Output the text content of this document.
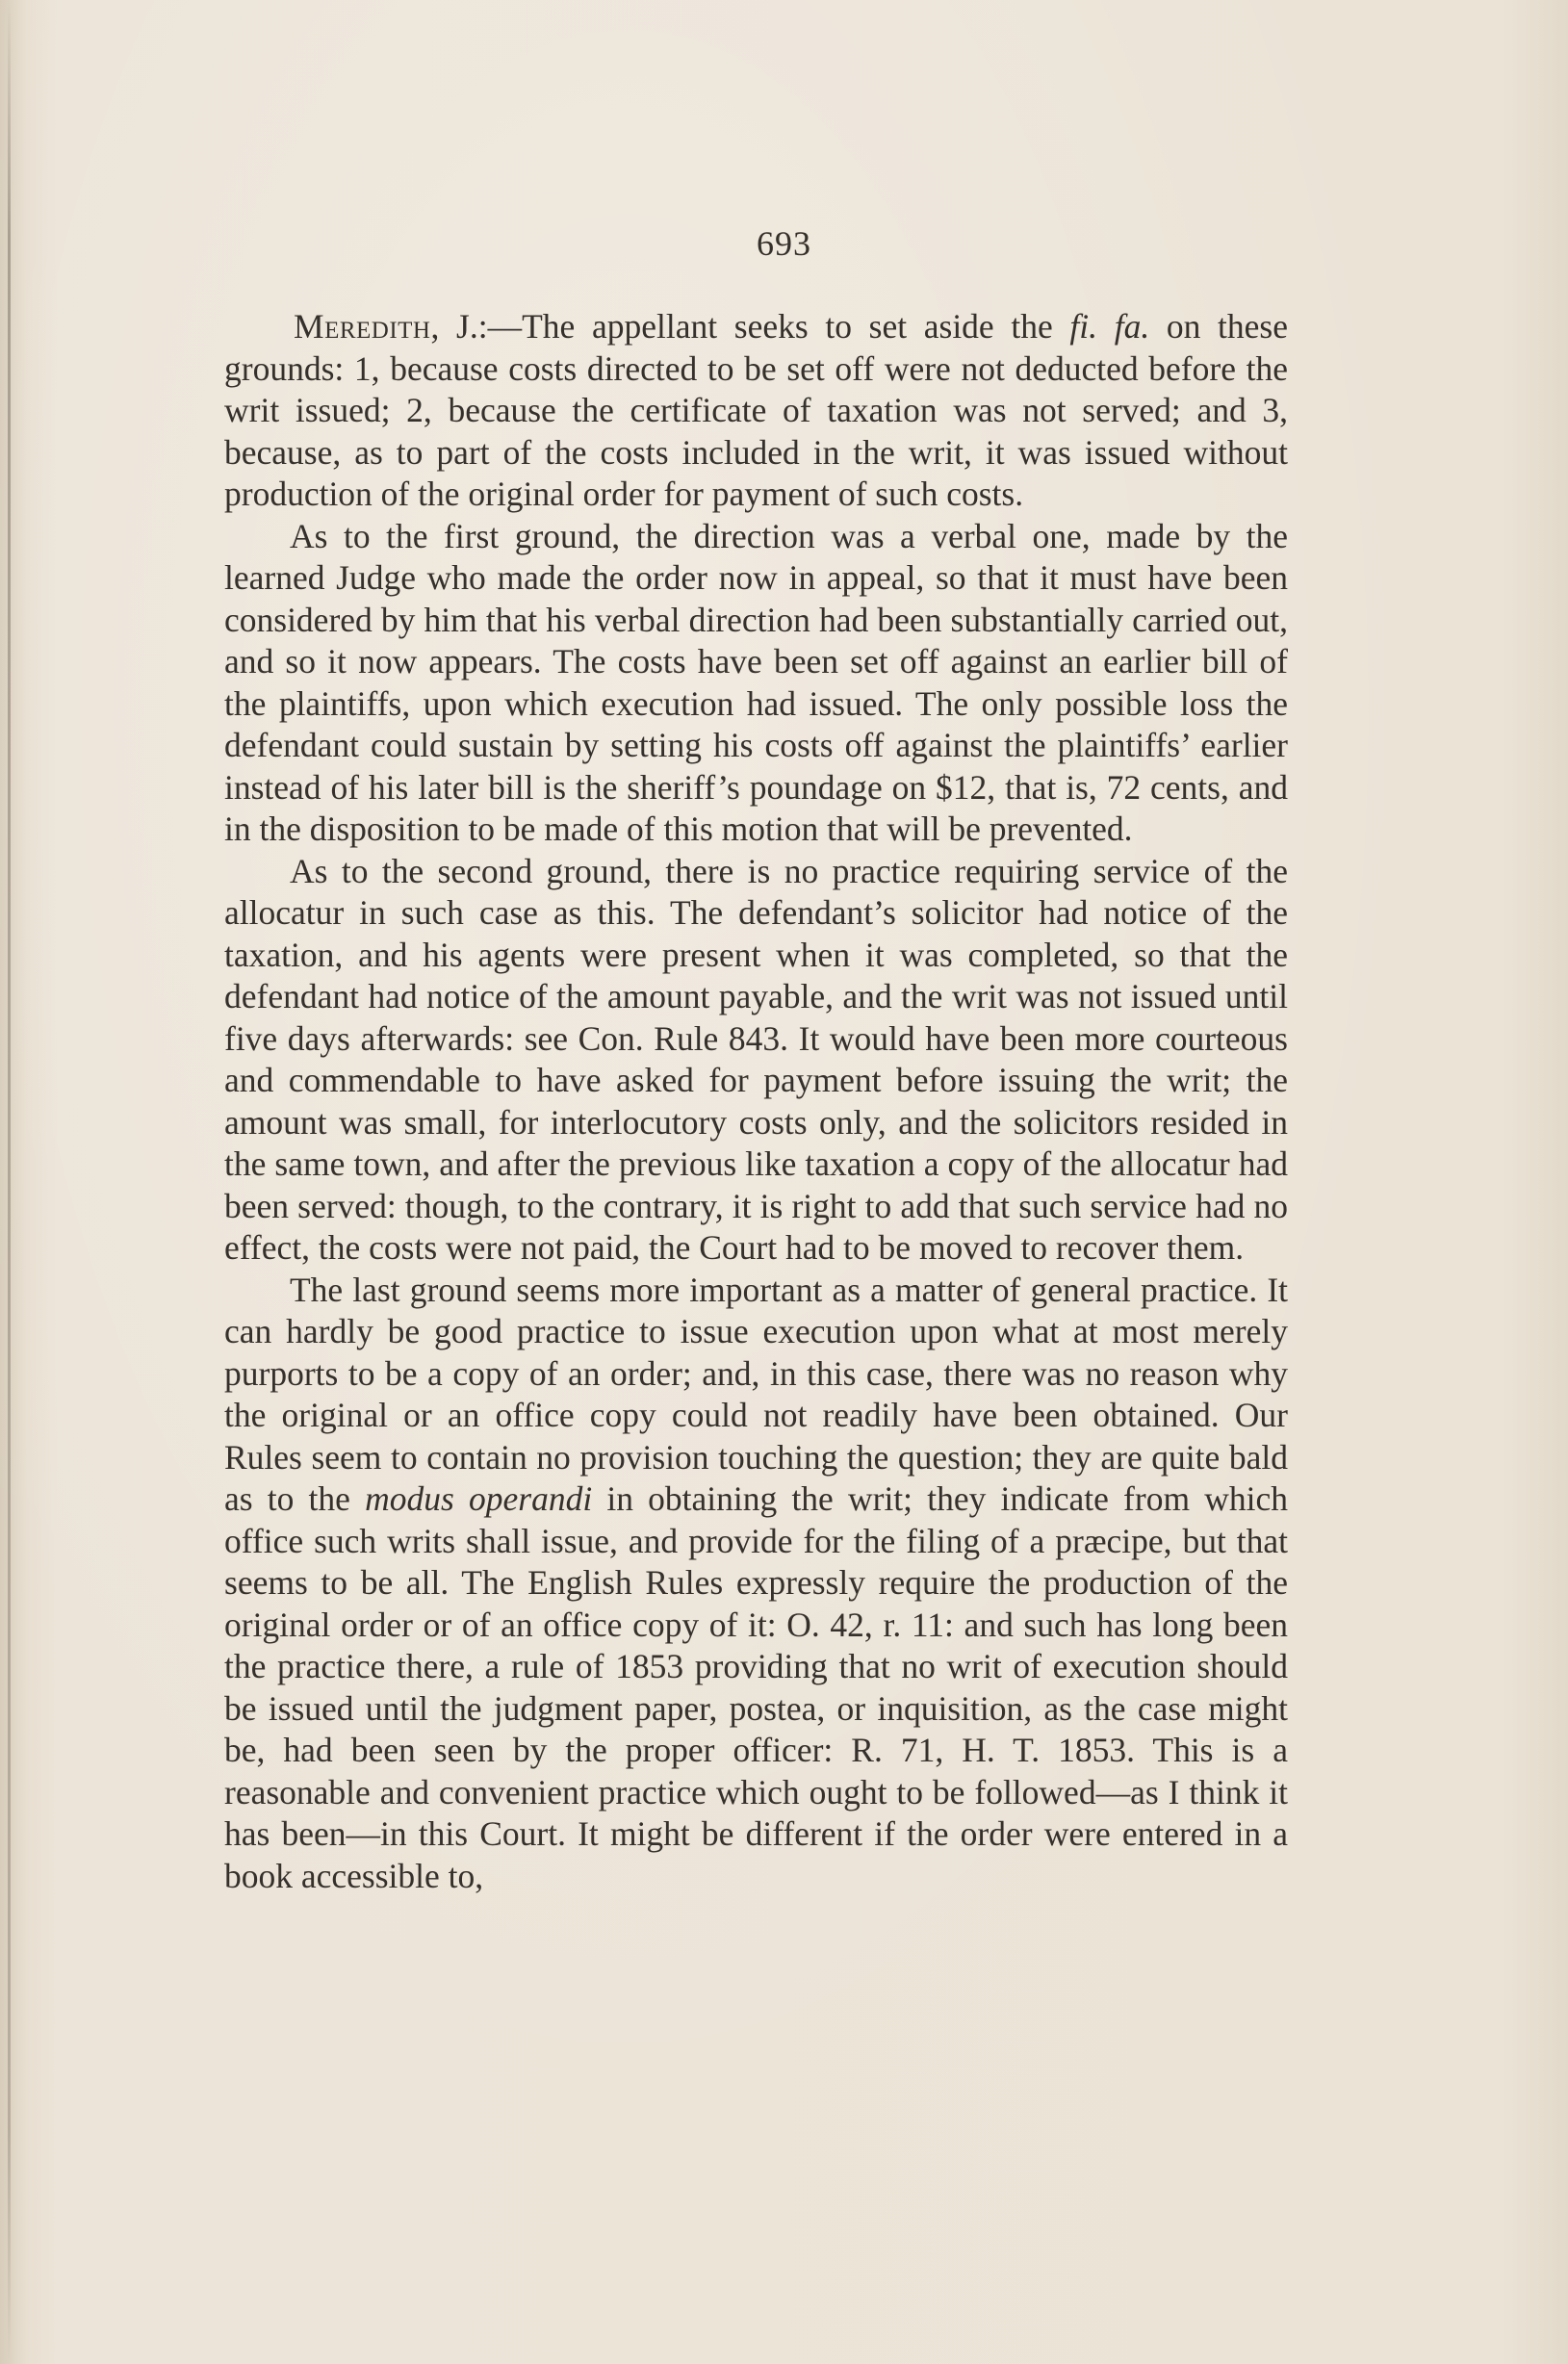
693

Meredith, J.:—The appellant seeks to set aside the fi. fa. on these grounds: 1, because costs directed to be set off were not deducted before the writ issued; 2, because the certificate of taxation was not served; and 3, because, as to part of the costs included in the writ, it was issued without production of the original order for payment of such costs.

As to the first ground, the direction was a verbal one, made by the learned Judge who made the order now in appeal, so that it must have been considered by him that his verbal direction had been substantially carried out, and so it now appears. The costs have been set off against an earlier bill of the plaintiffs, upon which execution had issued. The only possible loss the defendant could sustain by setting his costs off against the plaintiffs’ earlier instead of his later bill is the sheriff’s poundage on $12, that is, 72 cents, and in the disposition to be made of this motion that will be prevented.

As to the second ground, there is no practice requiring service of the allocatur in such case as this. The defendant’s solicitor had notice of the taxation, and his agents were present when it was completed, so that the defendant had notice of the amount payable, and the writ was not issued until five days afterwards: see Con. Rule 843. It would have been more courteous and commendable to have asked for payment before issuing the writ; the amount was small, for interlocutory costs only, and the solicitors resided in the same town, and after the previous like taxation a copy of the allocatur had been served: though, to the contrary, it is right to add that such service had no effect, the costs were not paid, the Court had to be moved to recover them.

The last ground seems more important as a matter of general practice. It can hardly be good practice to issue execution upon what at most merely purports to be a copy of an order; and, in this case, there was no reason why the original or an office copy could not readily have been obtained. Our Rules seem to contain no provision touching the question; they are quite bald as to the modus operandi in obtaining the writ; they indicate from which office such writs shall issue, and provide for the filing of a præcipe, but that seems to be all. The English Rules expressly require the production of the original order or of an office copy of it: O. 42, r. 11: and such has long been the practice there, a rule of 1853 providing that no writ of execution should be issued until the judgment paper, postea, or inquisition, as the case might be, had been seen by the proper officer: R. 71, H. T. 1853. This is a reasonable and convenient practice which ought to be followed—as I think it has been—in this Court. It might be different if the order were entered in a book accessible to,
